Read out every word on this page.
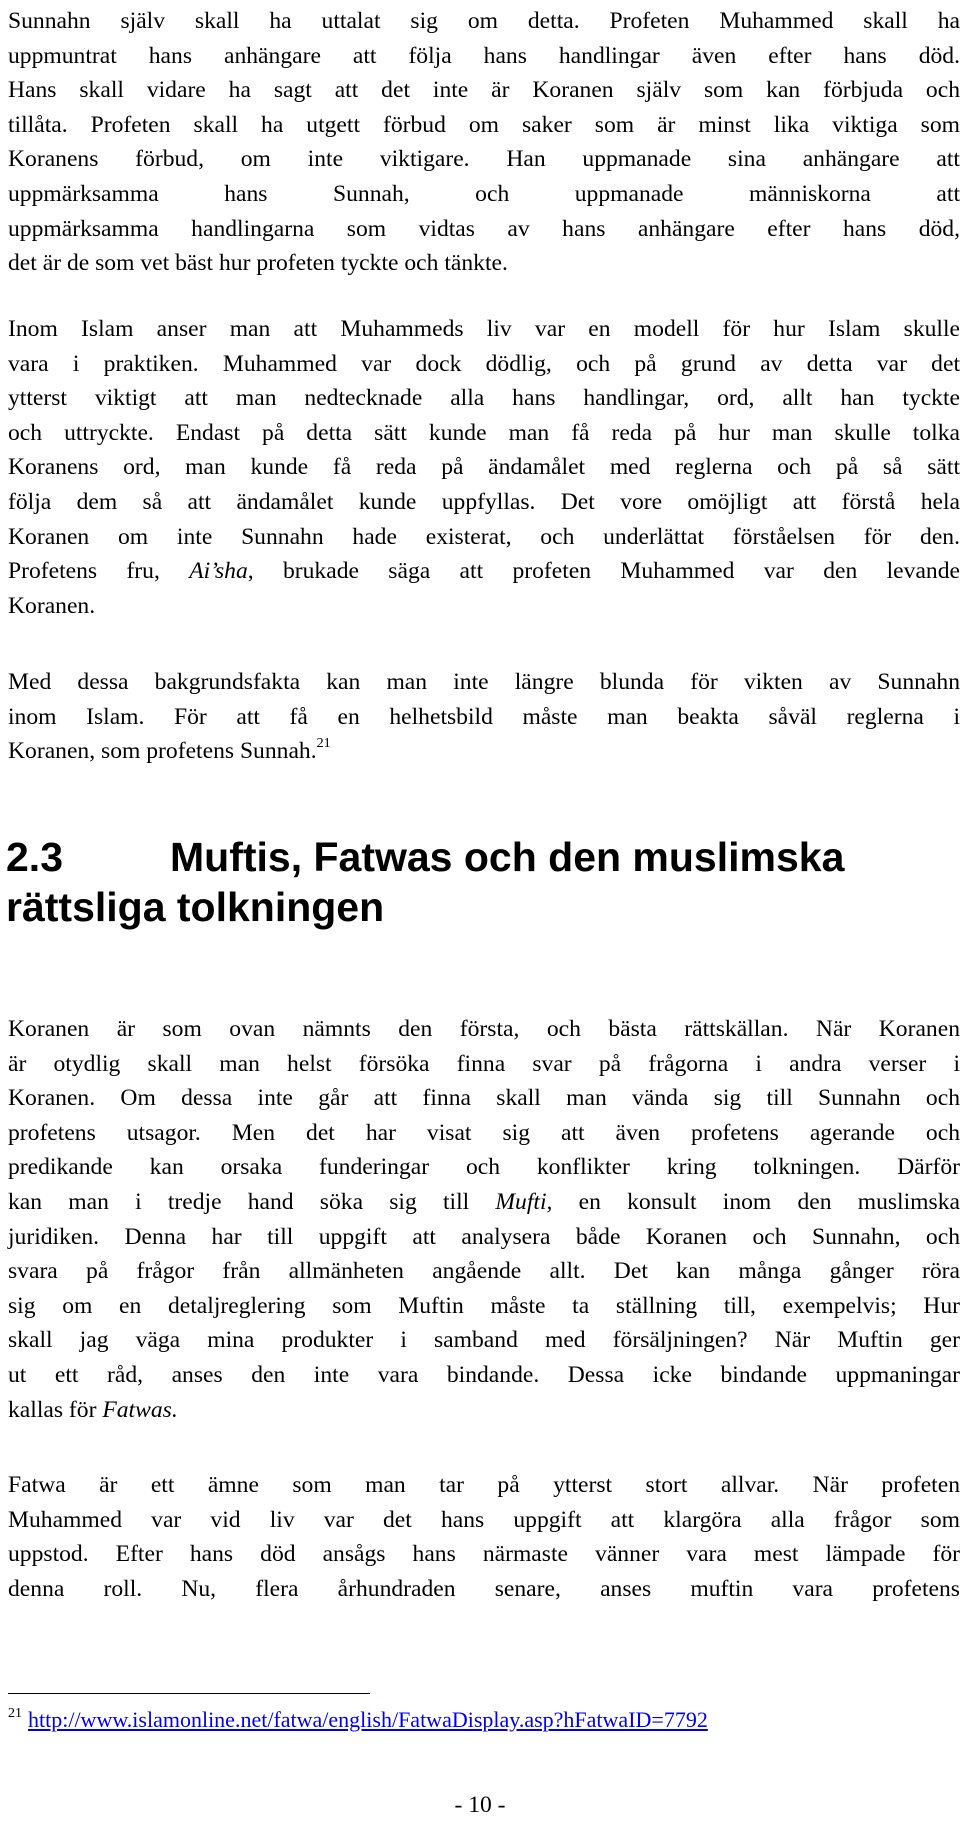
Sunnahn själv skall ha uttalat sig om detta. Profeten Muhammed skall ha
uppmuntrat hans anhängare att följa hans handlingar även efter hans död.
Hans skall vidare ha sagt att det inte är Koranen själv som kan förbjuda och
tillåta. Profeten skall ha utgett förbud om saker som är minst lika viktiga som
Koranens förbud, om inte viktigare. Han uppmanade sina anhängare att
uppmärksamma hans Sunnah, och uppmanade människorna att
uppmärksamma handlingarna som vidtas av hans anhängare efter hans död,
det är de som vet bäst hur profeten tyckte och tänkte.
Inom Islam anser man att Muhammeds liv var en modell för hur Islam skulle
vara i praktiken. Muhammed var dock dödlig, och på grund av detta var det
ytterst viktigt att man nedtecknade alla hans handlingar, ord, allt han tyckte
och uttryckte. Endast på detta sätt kunde man få reda på hur man skulle tolka
Koranens ord, man kunde få reda på ändamålet med reglerna och på så sätt
följa dem så att ändamålet kunde uppfyllas. Det vore omöjligt att förstå hela
Koranen om inte Sunnahn hade existerat, och underlättat förståelsen för den.
Profetens fru, Ai’sha, brukade säga att profeten Muhammed var den levande
Koranen.
Med dessa bakgrundsfakta kan man inte längre blunda för vikten av Sunnahn
inom Islam. För att få en helhetsbild måste man beakta såväl reglerna i
Koranen, som profetens Sunnah.$^{21}$
2.3	Muftis, Fatwas och den muslimska
rättsliga tolkningen
Koranen är som ovan nämnts den första, och bästa rättskällan. När Koranen
är otydlig skall man helst försöka finna svar på frågorna i andra verser i
Koranen. Om dessa inte går att finna skall man vända sig till Sunnahn och
profetens utsagor. Men det har visat sig att även profetens agerande och
predikande kan orsaka funderingar och konflikter kring tolkningen. Därför
kan man i tredje hand söka sig till Mufti, en konsult inom den muslimska
juridiken. Denna har till uppgift att analysera både Koranen och Sunnahn, och
svara på frågor från allmänheten angående allt. Det kan många gånger röra
sig om en detaljreglering som Muftin måste ta ställning till, exempelvis; Hur
skall jag väga mina produkter i samband med försäljningen? När Muftin ger
ut ett råd, anses den inte vara bindande. Dessa icke bindande uppmaningar
kallas för Fatwas.
Fatwa är ett ämne som man tar på ytterst stort allvar. När profeten
Muhammed var vid liv var det hans uppgift att klargöra alla frågor som
uppstod. Efter hans död ansågs hans närmaste vänner vara mest lämpade för
denna roll. Nu, flera århundraden senare, anses muftin vara profetens
$^{21}$ http://www.islamonline.net/fatwa/english/FatwaDisplay.asp?hFatwaID=7792
- 10 -
